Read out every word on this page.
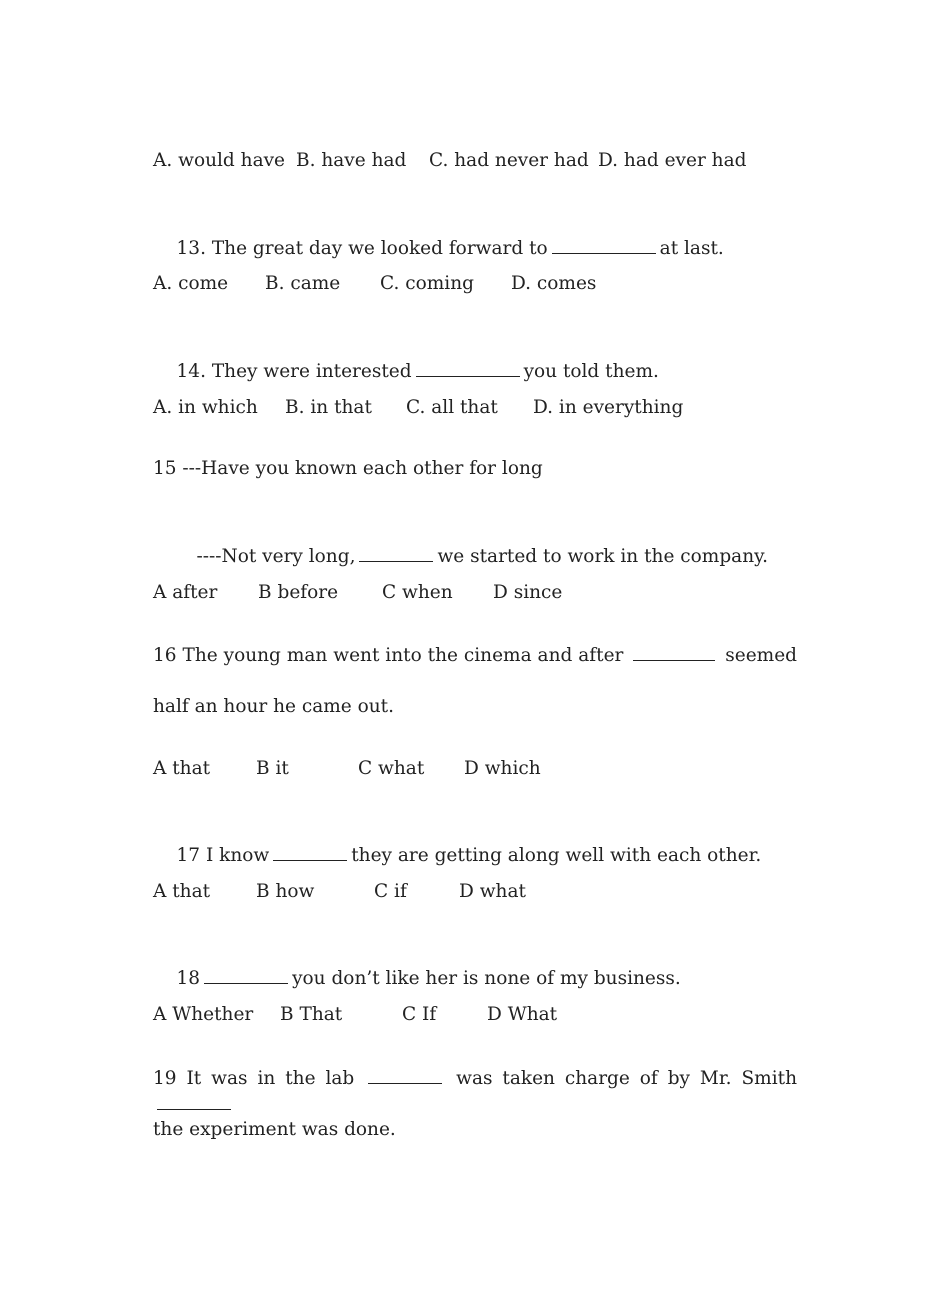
A. would have

B. have had

C. had never had

D. had ever had

13. The great day we looked forward to	at last.

A. come

B. came

C. coming

D. comes

14. They were interested	you told them.

A. in which

B. in that

C. all that

D. in everything

15 ---Have you known each other for long

----Not very long,	we started to work in the company.

A after

B before

C when

D since

16 The young man went into the cinema and after	seemed
half an hour he came out.

A that

B it

	C what

D which

17 I know	they are getting along well with each other.

A that

B how

	C if

	D what

18	you don’t like her is none of my business.

A Whether

B That

	C If

	D What

19 It was in the lab	was taken charge of by Mr. Smith
the experiment was done.
